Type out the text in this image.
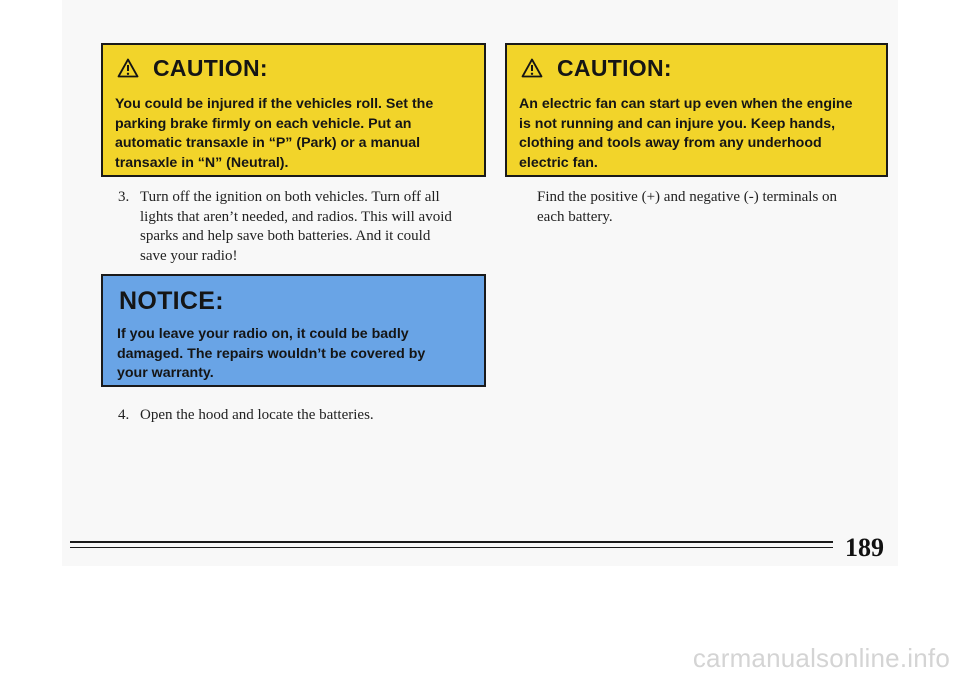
CAUTION:
You could be injured if the vehicles roll. Set the
parking brake firmly on each vehicle. Put an
automatic transaxle in “P” (Park) or a manual
transaxle in “N” (Neutral).
CAUTION:
An electric fan can start up even when the engine
is not running and can injure you. Keep hands,
clothing and tools away from any underhood
electric fan.
3. Turn off the ignition on both vehicles. Turn off all
lights that aren’t needed, and radios. This will avoid
sparks and help save both batteries. And it could
save your radio!
Find the positive (+) and negative (-) terminals on
each battery.
NOTICE:
If you leave your radio on, it could be badly
damaged. The repairs wouldn’t be covered by
your warranty.
4. Open the hood and locate the batteries.
189
carmanualsonline.info
